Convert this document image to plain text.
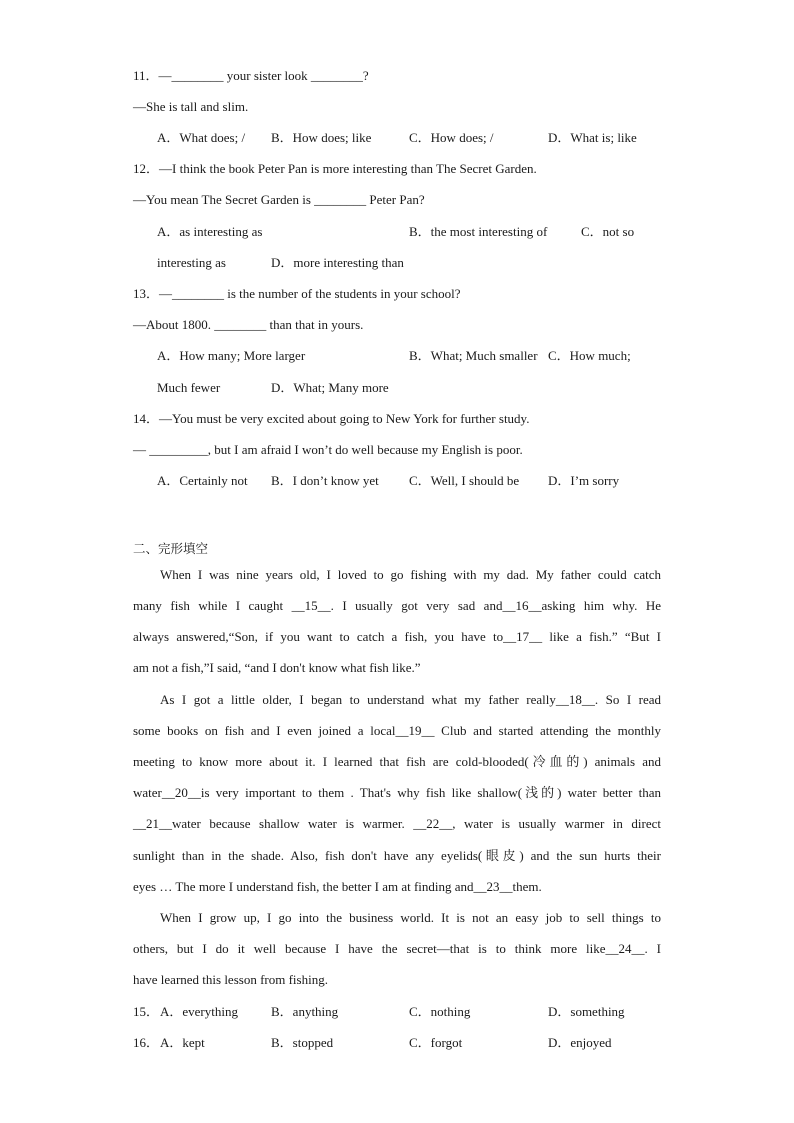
11．—________ your sister look ________?
—She is tall and slim.
A．What does; / B．How does; like	C．How does; /	D．What is; like
12．—I think the book Peter Pan is more interesting than The Secret Garden.
—You mean The Secret Garden is ________ Peter Pan?
A．as interesting as	B．the most interesting of	C．not so
interesting as	D．more interesting than
13．—________ is the number of the students in your school?
—About 1800. ________ than that in yours.
A．How many; More larger	B．What; Much smaller C．How much;
Much fewer	D．What; Many more
14．—You must be very excited about going to New York for further study.
— _________, but I am afraid I won’t do well because my English is poor.
A．Certainly not B．I don’t know yet C．Well, I should be D．I’m sorry
二、完形填空
When I was nine years old, I loved to go fishing with my dad. My father could catch
many fish while I caught __15__. I usually got very sad and__16__asking him why. He
always answered,“Son, if you want to catch a fish, you have to__17__ like a fish.” “But I
am not a fish,”I said, “and I don't know what fish like.”
As I got a little older, I began to understand what my father really__18__. So I read
some books on fish and I even joined a local__19__ Club and started attending the monthly
meeting to know more about it. I learned that fish are cold-blooded(冷血的) animals and
water__20__is very important to them . That's why fish like shallow(浅的) water better than
__21__water because shallow water is warmer. __22__, water is usually warmer in direct
sunlight than in the shade. Also, fish don't have any eyelids(眼皮) and the sun hurts their
eyes … The more I understand fish, the better I am at finding and__23__them.
When I grow up, I go into the business world. It is not an easy job to sell things to
others, but I do it well because I have the secret—that is to think more like__24__. I
have learned this lesson from fishing.
15． A．everything	B．anything	C．nothing	D．something
16． A．kept	B．stopped	C．forgot	D．enjoyed
